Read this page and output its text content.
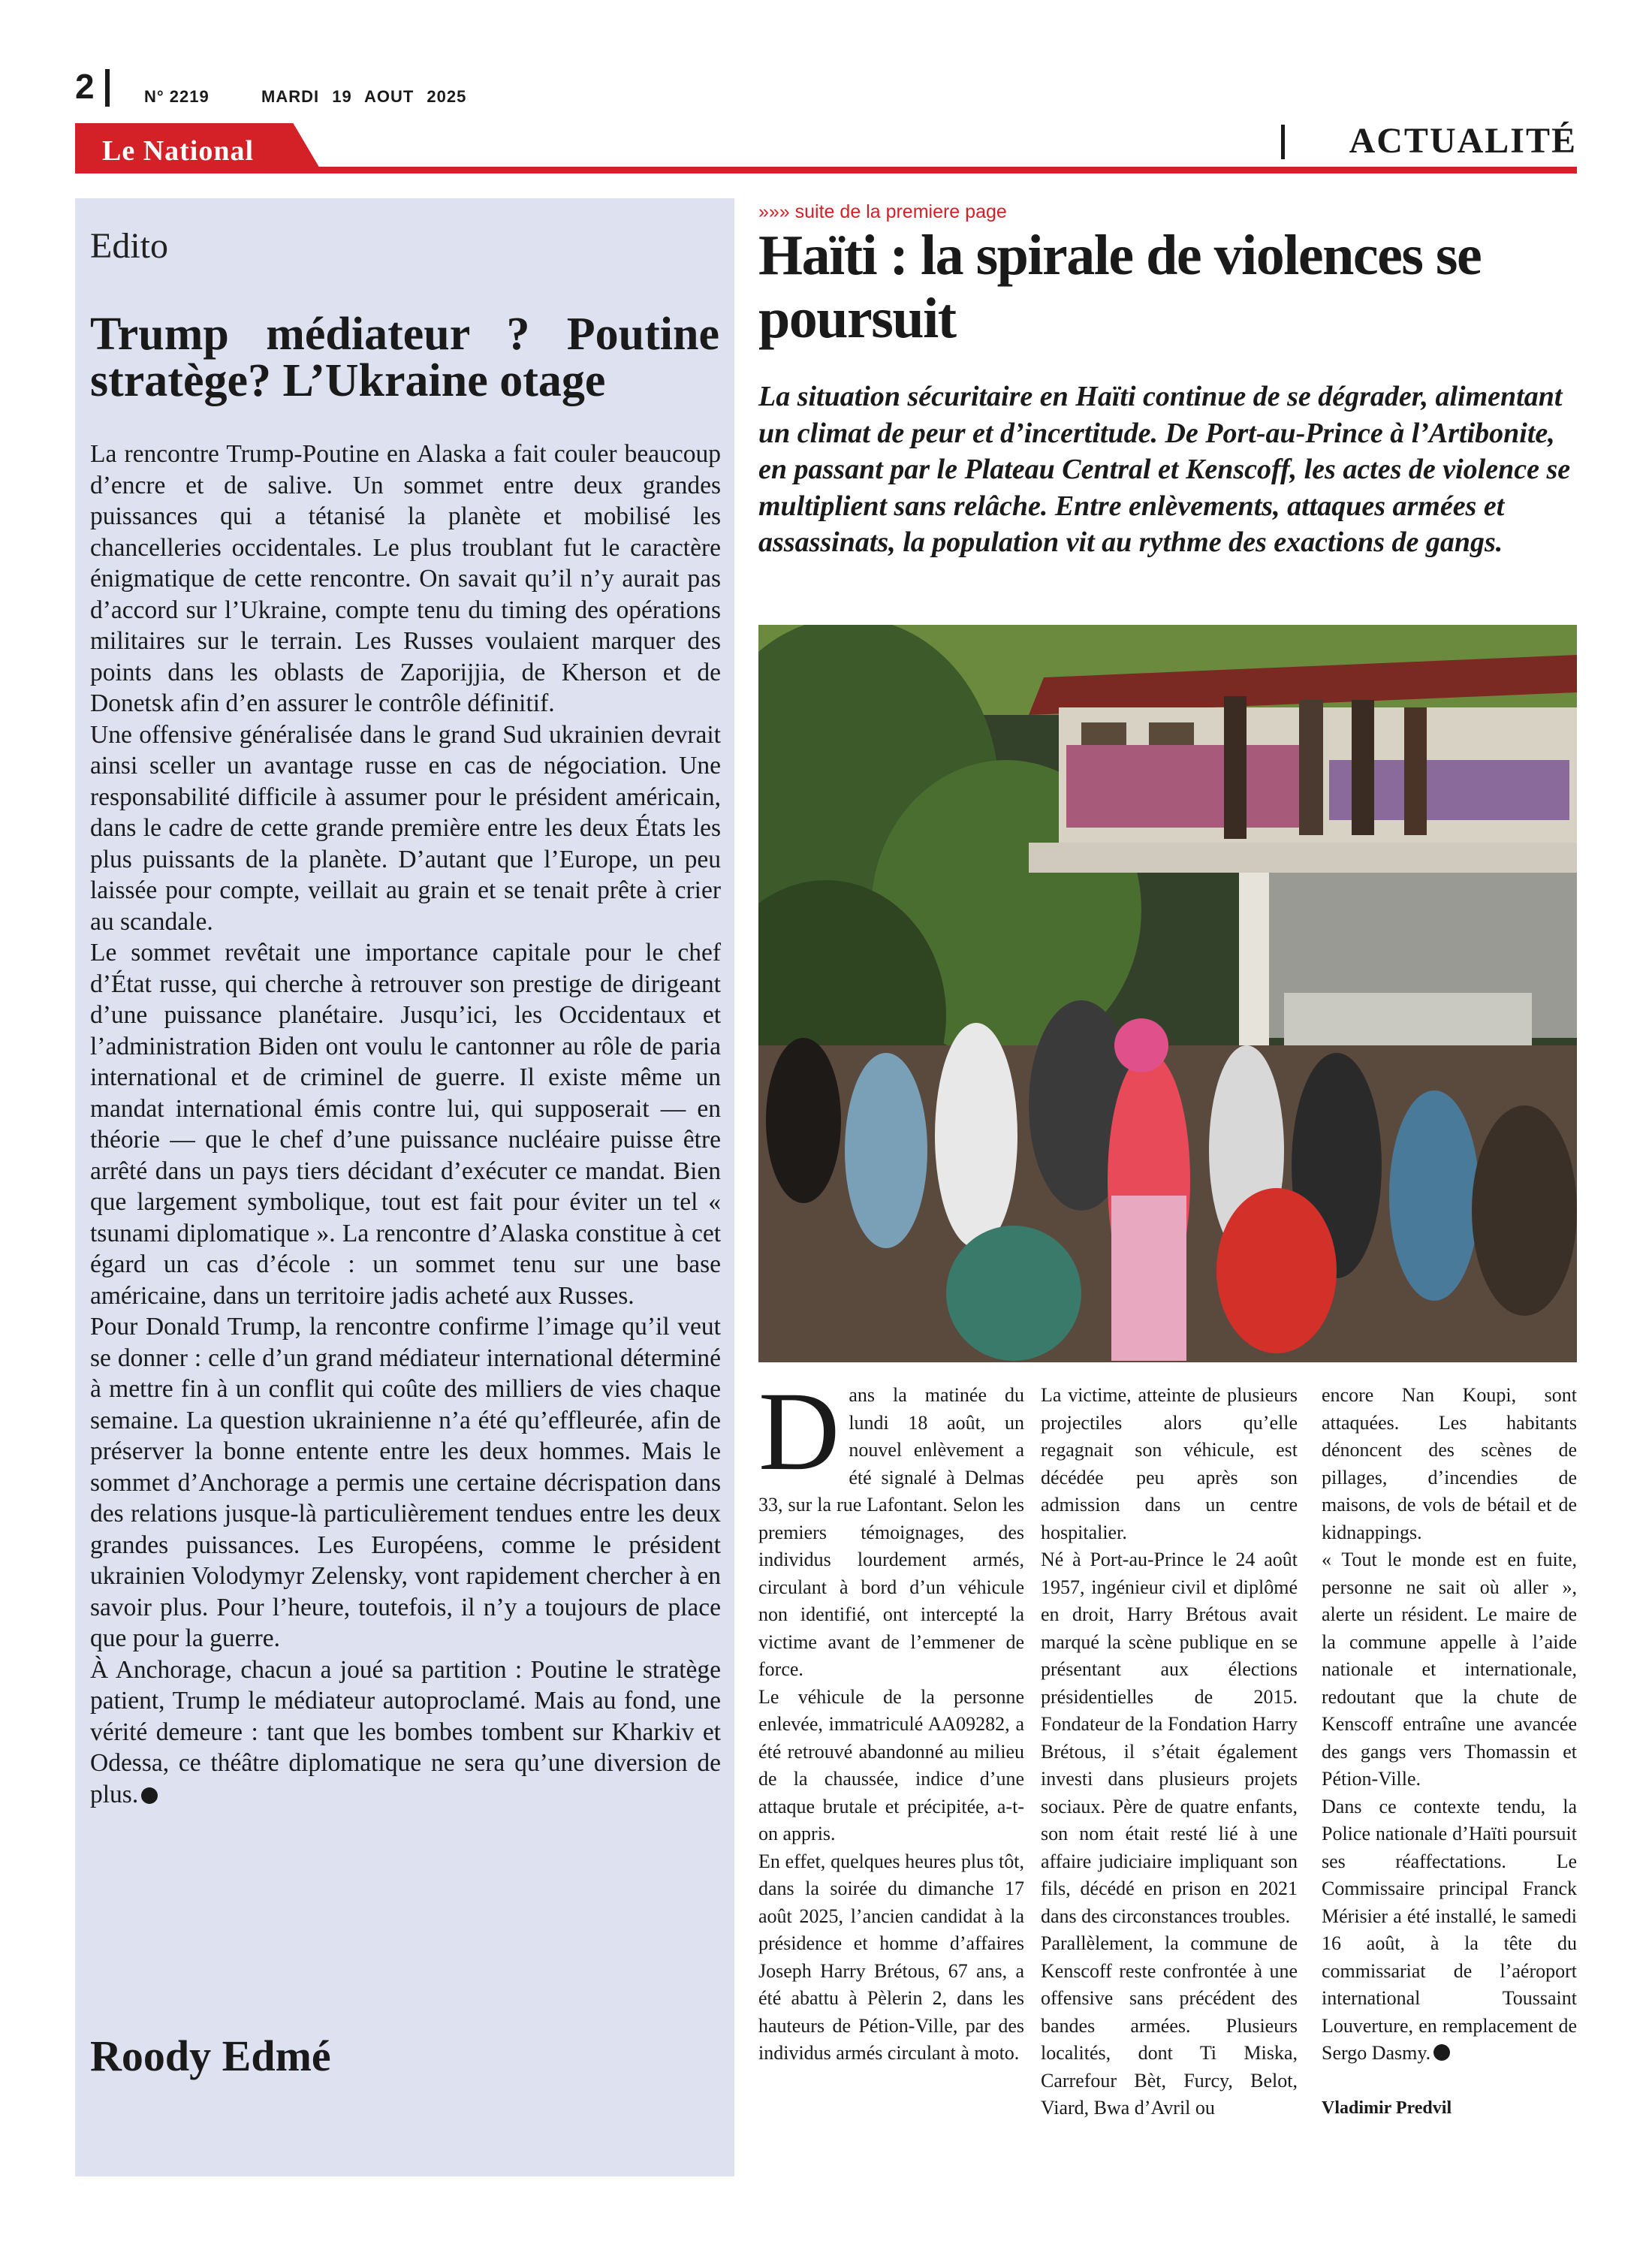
2	N° 2219	MARDI 19 AOUT 2025
Le National	ACTUALITÉ
Edito
Trump médiateur ? Poutine stratège? L’Ukraine otage

La rencontre Trump-Poutine en Alaska a fait couler beaucoup d’encre et de salive. Un sommet entre deux grandes puissances qui a tétanisé la planète et mobilisé les chancelleries occidentales. Le plus troublant fut le caractère énigmatique de cette rencontre. On savait qu’il n’y aurait pas d’accord sur l’Ukraine, compte tenu du timing des opérations militaires sur le terrain. Les Russes voulaient marquer des points dans les oblasts de Zaporijjia, de Kherson et de Donetsk afin d’en assurer le contrôle définitif.

Une offensive généralisée dans le grand Sud ukrainien devrait ainsi sceller un avantage russe en cas de négociation. Une responsabilité difficile à assumer pour le président américain, dans le cadre de cette grande première entre les deux États les plus puissants de la planète. D’autant que l’Europe, un peu laissée pour compte, veillait au grain et se tenait prête à crier au scandale.

Le sommet revêtait une importance capitale pour le chef d’État russe, qui cherche à retrouver son prestige de dirigeant d’une puissance planétaire. Jusqu’ici, les Occidentaux et l’administration Biden ont voulu le cantonner au rôle de paria international et de criminel de guerre. Il existe même un mandat international émis contre lui, qui supposerait — en théorie — que le chef d’une puissance nucléaire puisse être arrêté dans un pays tiers décidant d’exécuter ce mandat. Bien que largement symbolique, tout est fait pour éviter un tel « tsunami diplomatique ». La rencontre d’Alaska constitue à cet égard un cas d’école : un sommet tenu sur une base américaine, dans un territoire jadis acheté aux Russes.

Pour Donald Trump, la rencontre confirme l’image qu’il veut se donner : celle d’un grand médiateur international déterminé à mettre fin à un conflit qui coûte des milliers de vies chaque semaine. La question ukrainienne n’a été qu’effleurée, afin de préserver la bonne entente entre les deux hommes. Mais le sommet d’Anchorage a permis une certaine décrispation dans des relations jusque-là particulièrement tendues entre les deux grandes puissances. Les Européens, comme le président ukrainien Volodymyr Zelensky, vont rapidement chercher à en savoir plus. Pour l’heure, toutefois, il n’y a toujours de place que pour la guerre.

À Anchorage, chacun a joué sa partition : Poutine le stratège patient, Trump le médiateur autoproclamé. Mais au fond, une vérité demeure : tant que les bombes tombent sur Kharkiv et Odessa, ce théâtre diplomatique ne sera qu’une diversion de plus.

Roody Edmé
»»» suite de la premiere page
Haïti : la spirale de violences se poursuit
La situation sécuritaire en Haïti continue de se dégrader, alimentant un climat de peur et d’incertitude. De Port-au-Prince à l’Artibonite, en passant par le Plateau Central et Kenscoff, les actes de violence se multiplient sans relâche. Entre enlèvements, attaques armées et assassinats, la population vit au rythme des exactions de gangs.

Dans la matinée du lundi 18 août, un nouvel enlèvement a été signalé à Delmas 33, sur la rue Lafontant. Selon les premiers témoignages, des individus lourdement armés, circulant à bord d’un véhicule non identifié, ont intercepté la victime avant de l’emmener de force.

Le véhicule de la personne enlevée, immatriculé AA09282, a été retrouvé abandonné au milieu de la chaussée, indice d’une attaque brutale et précipitée, a-t-on appris.

En effet, quelques heures plus tôt, dans la soirée du dimanche 17 août 2025, l’ancien candidat à la présidence et homme d’affaires Joseph Harry Brétous, 67 ans, a été abattu à Pèlerin 2, dans les hauteurs de Pétion-Ville, par des individus armés circulant à moto.

La victime, atteinte de plusieurs projectiles alors qu’elle regagnait son véhicule, est décédée peu après son admission dans un centre hospitalier.

Né à Port-au-Prince le 24 août 1957, ingénieur civil et diplômé en droit, Harry Brétous avait marqué la scène publique en se présentant aux élections présidentielles de 2015. Fondateur de la Fondation Harry Brétous, il s’était également investi dans plusieurs projets sociaux. Père de quatre enfants, son nom était resté lié à une affaire judiciaire impliquant son fils, décédé en prison en 2021 dans des circonstances troubles.

Parallèlement, la commune de Kenscoff reste confrontée à une offensive sans précédent des bandes armées. Plusieurs localités, dont Ti Miska, Carrefour Bèt, Furcy, Belot, Viard, Bwa d’Avril ou

encore Nan Koupi, sont attaquées. Les habitants dénoncent des scènes de pillages, d’incendies de maisons, de vols de bétail et de kidnappings.

« Tout le monde est en fuite, personne ne sait où aller », alerte un résident. Le maire de la commune appelle à l’aide nationale et internationale, redoutant que la chute de Kenscoff entraîne une avancée des gangs vers Thomassin et Pétion-Ville.

Dans ce contexte tendu, la Police nationale d’Haïti poursuit ses réaffectations. Le Commissaire principal Franck Mérisier a été installé, le samedi 16 août, à la tête du commissariat de l’aéroport international Toussaint Louverture, en remplacement de Sergo Dasmy.

Vladimir Predvil
